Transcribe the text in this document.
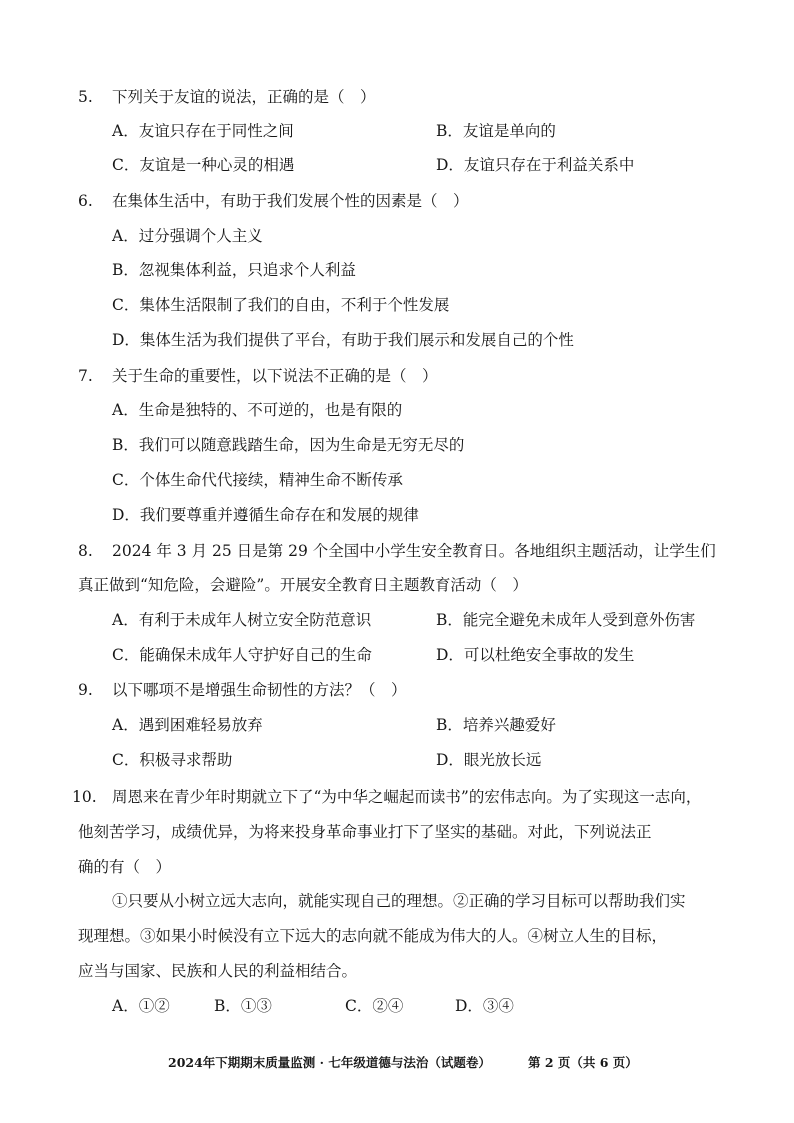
5. 下列关于友谊的说法，正确的是（　）
A．友谊只存在于同性之间	B．友谊是单向的
C．友谊是一种心灵的相遇	D．友谊只存在于利益关系中
6. 在集体生活中，有助于我们发展个性的因素是（　）
A．过分强调个人主义
B．忽视集体利益，只追求个人利益
C．集体生活限制了我们的自由，不利于个性发展
D．集体生活为我们提供了平台，有助于我们展示和发展自己的个性
7. 关于生命的重要性，以下说法不正确的是（　）
A．生命是独特的、不可逆的，也是有限的
B．我们可以随意践踏生命，因为生命是无穷无尽的
C．个体生命代代接续，精神生命不断传承
D．我们要尊重并遵循生命存在和发展的规律
8. 2024 年 3 月 25 日是第 29 个全国中小学生安全教育日。各地组织主题活动，让学生们
真正做到“知危险，会避险”。开展安全教育日主题教育活动（　）
A．有利于未成年人树立安全防范意识	B．能完全避免未成年人受到意外伤害
C．能确保未成年人守护好自己的生命	D．可以杜绝安全事故的发生
9. 以下哪项不是增强生命韧性的方法？（　）
A．遇到困难轻易放弃	B．培养兴趣爱好
C．积极寻求帮助	D．眼光放长远
10. 周恩来在青少年时期就立下了“为中华之崛起而读书”的宏伟志向。为了实现这一志向，
他刻苦学习，成绩优异，为将来投身革命事业打下了坚实的基础。对此，下列说法正
确的有（　）
①只要从小树立远大志向，就能实现自己的理想。②正确的学习目标可以帮助我们实
现理想。③如果小时候没有立下远大的志向就不能成为伟大的人。④树立人生的目标，
应当与国家、民族和人民的利益相结合。
A．①②	B．①③	C．②④	D．③④
2024年下期期末质量监测 · 七年级道德与法治（试题卷）	第 2 页（共 6 页）
